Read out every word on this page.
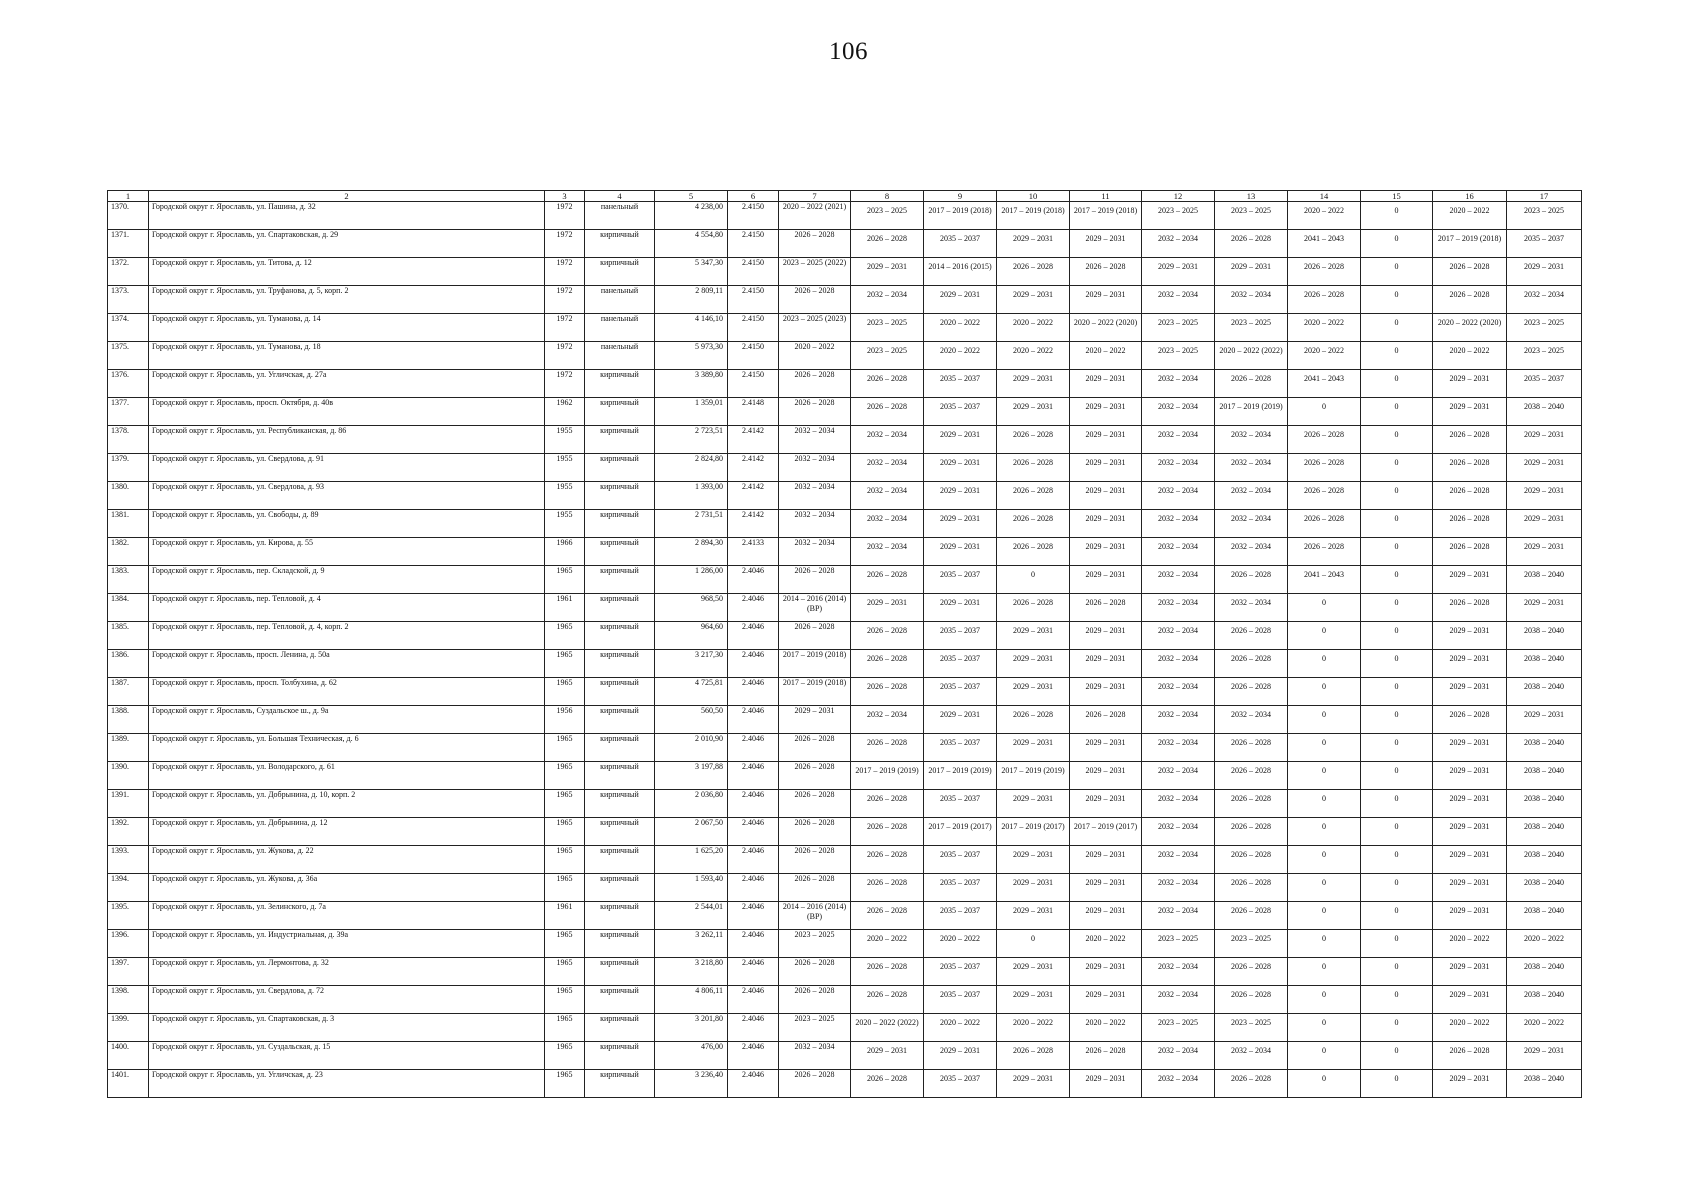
106
1	2	3	4	5	6	7	8	9	10	11	12	13	14	15	16	17

1370.	Городской округ г. Ярославль, ул. Пашина, д. 32	1972	панельный	4 238,00	2.4150	2020 – 2022 (2021)	2023 – 2025	2017 – 2019 (2018)	2017 – 2019 (2018)	2017 – 2019 (2018)	2023 – 2025	2023 – 2025	2020 – 2022	0	2020 – 2022	2023 – 2025

1371.	Городской округ г. Ярославль, ул. Спартаковская, д. 29	1972	кирпичный	4 554,80	2.4150	2026 – 2028	2026 – 2028	2035 – 2037	2029 – 2031	2029 – 2031	2032 – 2034	2026 – 2028	2041 – 2043	0	2017 – 2019 (2018)	2035 – 2037

1372.	Городской округ г. Ярославль, ул. Титова, д. 12	1972	кирпичный	5 347,30	2.4150	2023 – 2025 (2022)	2029 – 2031	2014 – 2016 (2015)	2026 – 2028	2026 – 2028	2029 – 2031	2029 – 2031	2026 – 2028	0	2026 – 2028	2029 – 2031

1373.	Городской округ г. Ярославль, ул. Труфанова, д. 5, корп. 2	1972	панельный	2 809,11	2.4150	2026 – 2028	2032 – 2034	2029 – 2031	2029 – 2031	2029 – 2031	2032 – 2034	2032 – 2034	2026 – 2028	0	2026 – 2028	2032 – 2034

1374.	Городской округ г. Ярославль, ул. Туманова, д. 14	1972	панельный	4 146,10	2.4150	2023 – 2025 (2023)	2023 – 2025	2020 – 2022	2020 – 2022	2020 – 2022 (2020)	2023 – 2025	2023 – 2025	2020 – 2022	0	2020 – 2022 (2020)	2023 – 2025

1375.	Городской округ г. Ярославль, ул. Туманова, д. 18	1972	панельный	5 973,30	2.4150	2020 – 2022	2023 – 2025	2020 – 2022	2020 – 2022	2020 – 2022	2023 – 2025	2020 – 2022 (2022)	2020 – 2022	0	2020 – 2022	2023 – 2025

1376.	Городской округ г. Ярославль, ул. Угличская, д. 27а	1972	кирпичный	3 389,80	2.4150	2026 – 2028	2026 – 2028	2035 – 2037	2029 – 2031	2029 – 2031	2032 – 2034	2026 – 2028	2041 – 2043	0	2029 – 2031	2035 – 2037

1377.	Городской округ г. Ярославль, просп. Октября, д. 40в	1962	кирпичный	1 359,01	2.4148	2026 – 2028	2026 – 2028	2035 – 2037	2029 – 2031	2029 – 2031	2032 – 2034	2017 – 2019 (2019)	0	0	2029 – 2031	2038 – 2040

1378.	Городской округ г. Ярославль, ул. Республиканская, д. 86	1955	кирпичный	2 723,51	2.4142	2032 – 2034	2032 – 2034	2029 – 2031	2026 – 2028	2029 – 2031	2032 – 2034	2032 – 2034	2026 – 2028	0	2026 – 2028	2029 – 2031

1379.	Городской округ г. Ярославль, ул. Свердлова, д. 91	1955	кирпичный	2 824,80	2.4142	2032 – 2034	2032 – 2034	2029 – 2031	2026 – 2028	2029 – 2031	2032 – 2034	2032 – 2034	2026 – 2028	0	2026 – 2028	2029 – 2031

1380.	Городской округ г. Ярославль, ул. Свердлова, д. 93	1955	кирпичный	1 393,00	2.4142	2032 – 2034	2032 – 2034	2029 – 2031	2026 – 2028	2029 – 2031	2032 – 2034	2032 – 2034	2026 – 2028	0	2026 – 2028	2029 – 2031

1381.	Городской округ г. Ярославль, ул. Свободы, д. 89	1955	кирпичный	2 731,51	2.4142	2032 – 2034	2032 – 2034	2029 – 2031	2026 – 2028	2029 – 2031	2032 – 2034	2032 – 2034	2026 – 2028	0	2026 – 2028	2029 – 2031

1382.	Городской округ г. Ярославль, ул. Кирова, д. 55	1966	кирпичный	2 894,30	2.4133	2032 – 2034	2032 – 2034	2029 – 2031	2026 – 2028	2029 – 2031	2032 – 2034	2032 – 2034	2026 – 2028	0	2026 – 2028	2029 – 2031

1383.	Городской округ г. Ярославль, пер. Складской, д. 9	1965	кирпичный	1 286,00	2.4046	2026 – 2028	2026 – 2028	2035 – 2037	0	2029 – 2031	2032 – 2034	2026 – 2028	2041 – 2043	0	2029 – 2031	2038 – 2040

1384.	Городской округ г. Ярославль, пер. Тепловой, д. 4	1961	кирпичный	968,50	2.4046	2014 – 2016 (2014) (ВР)	2029 – 2031	2029 – 2031	2026 – 2028	2026 – 2028	2032 – 2034	2032 – 2034	0	0	2026 – 2028	2029 – 2031

1385.	Городской округ г. Ярославль, пер. Тепловой, д. 4, корп. 2	1965	кирпичный	964,60	2.4046	2026 – 2028	2026 – 2028	2035 – 2037	2029 – 2031	2029 – 2031	2032 – 2034	2026 – 2028	0	0	2029 – 2031	2038 – 2040

1386.	Городской округ г. Ярославль, просп. Ленина, д. 50а	1965	кирпичный	3 217,30	2.4046	2017 – 2019 (2018)	2026 – 2028	2035 – 2037	2029 – 2031	2029 – 2031	2032 – 2034	2026 – 2028	0	0	2029 – 2031	2038 – 2040

1387.	Городской округ г. Ярославль, просп. Толбухина, д. 62	1965	кирпичный	4 725,81	2.4046	2017 – 2019 (2018)	2026 – 2028	2035 – 2037	2029 – 2031	2029 – 2031	2032 – 2034	2026 – 2028	0	0	2029 – 2031	2038 – 2040

1388.	Городской округ г. Ярославль, Суздальское ш., д. 9а	1956	кирпичный	560,50	2.4046	2029 – 2031	2032 – 2034	2029 – 2031	2026 – 2028	2026 – 2028	2032 – 2034	2032 – 2034	0	0	2026 – 2028	2029 – 2031

1389.	Городской округ г. Ярославль, ул. Большая Техническая, д. 6	1965	кирпичный	2 010,90	2.4046	2026 – 2028	2026 – 2028	2035 – 2037	2029 – 2031	2029 – 2031	2032 – 2034	2026 – 2028	0	0	2029 – 2031	2038 – 2040

1390.	Городской округ г. Ярославль, ул. Володарского, д. 61	1965	кирпичный	3 197,88	2.4046	2026 – 2028	2017 – 2019 (2019)	2017 – 2019 (2019)	2017 – 2019 (2019)	2029 – 2031	2032 – 2034	2026 – 2028	0	0	2029 – 2031	2038 – 2040

1391.	Городской округ г. Ярославль, ул. Добрынина, д. 10, корп. 2	1965	кирпичный	2 036,80	2.4046	2026 – 2028	2026 – 2028	2035 – 2037	2029 – 2031	2029 – 2031	2032 – 2034	2026 – 2028	0	0	2029 – 2031	2038 – 2040

1392.	Городской округ г. Ярославль, ул. Добрынина, д. 12	1965	кирпичный	2 067,50	2.4046	2026 – 2028	2026 – 2028	2017 – 2019 (2017)	2017 – 2019 (2017)	2017 – 2019 (2017)	2032 – 2034	2026 – 2028	0	0	2029 – 2031	2038 – 2040

1393.	Городской округ г. Ярославль, ул. Жукова, д. 22	1965	кирпичный	1 625,20	2.4046	2026 – 2028	2026 – 2028	2035 – 2037	2029 – 2031	2029 – 2031	2032 – 2034	2026 – 2028	0	0	2029 – 2031	2038 – 2040

1394.	Городской округ г. Ярославль, ул. Жукова, д. 36а	1965	кирпичный	1 593,40	2.4046	2026 – 2028	2026 – 2028	2035 – 2037	2029 – 2031	2029 – 2031	2032 – 2034	2026 – 2028	0	0	2029 – 2031	2038 – 2040

1395.	Городской округ г. Ярославль, ул. Зелинского, д. 7а	1961	кирпичный	2 544,01	2.4046	2014 – 2016 (2014) (ВР)	2026 – 2028	2035 – 2037	2029 – 2031	2029 – 2031	2032 – 2034	2026 – 2028	0	0	2029 – 2031	2038 – 2040

1396.	Городской округ г. Ярославль, ул. Индустриальная, д. 39а	1965	кирпичный	3 262,11	2.4046	2023 – 2025	2020 – 2022	2020 – 2022	0	2020 – 2022	2023 – 2025	2023 – 2025	0	0	2020 – 2022	2020 – 2022

1397.	Городской округ г. Ярославль, ул. Лермонтова, д. 32	1965	кирпичный	3 218,80	2.4046	2026 – 2028	2026 – 2028	2035 – 2037	2029 – 2031	2029 – 2031	2032 – 2034	2026 – 2028	0	0	2029 – 2031	2038 – 2040

1398.	Городской округ г. Ярославль, ул. Свердлова, д. 72	1965	кирпичный	4 806,11	2.4046	2026 – 2028	2026 – 2028	2035 – 2037	2029 – 2031	2029 – 2031	2032 – 2034	2026 – 2028	0	0	2029 – 2031	2038 – 2040

1399.	Городской округ г. Ярославль, ул. Спартаковская, д. 3	1965	кирпичный	3 201,80	2.4046	2023 – 2025	2020 – 2022 (2022)	2020 – 2022	2020 – 2022	2020 – 2022	2023 – 2025	2023 – 2025	0	0	2020 – 2022	2020 – 2022

1400.	Городской округ г. Ярославль, ул. Суздальская, д. 15	1965	кирпичный	476,00	2.4046	2032 – 2034	2029 – 2031	2029 – 2031	2026 – 2028	2026 – 2028	2032 – 2034	2032 – 2034	0	0	2026 – 2028	2029 – 2031

1401.	Городской округ г. Ярославль, ул. Угличская, д. 23	1965	кирпичный	3 236,40	2.4046	2026 – 2028	2026 – 2028	2035 – 2037	2029 – 2031	2029 – 2031	2032 – 2034	2026 – 2028	0	0	2029 – 2031	2038 – 2040
